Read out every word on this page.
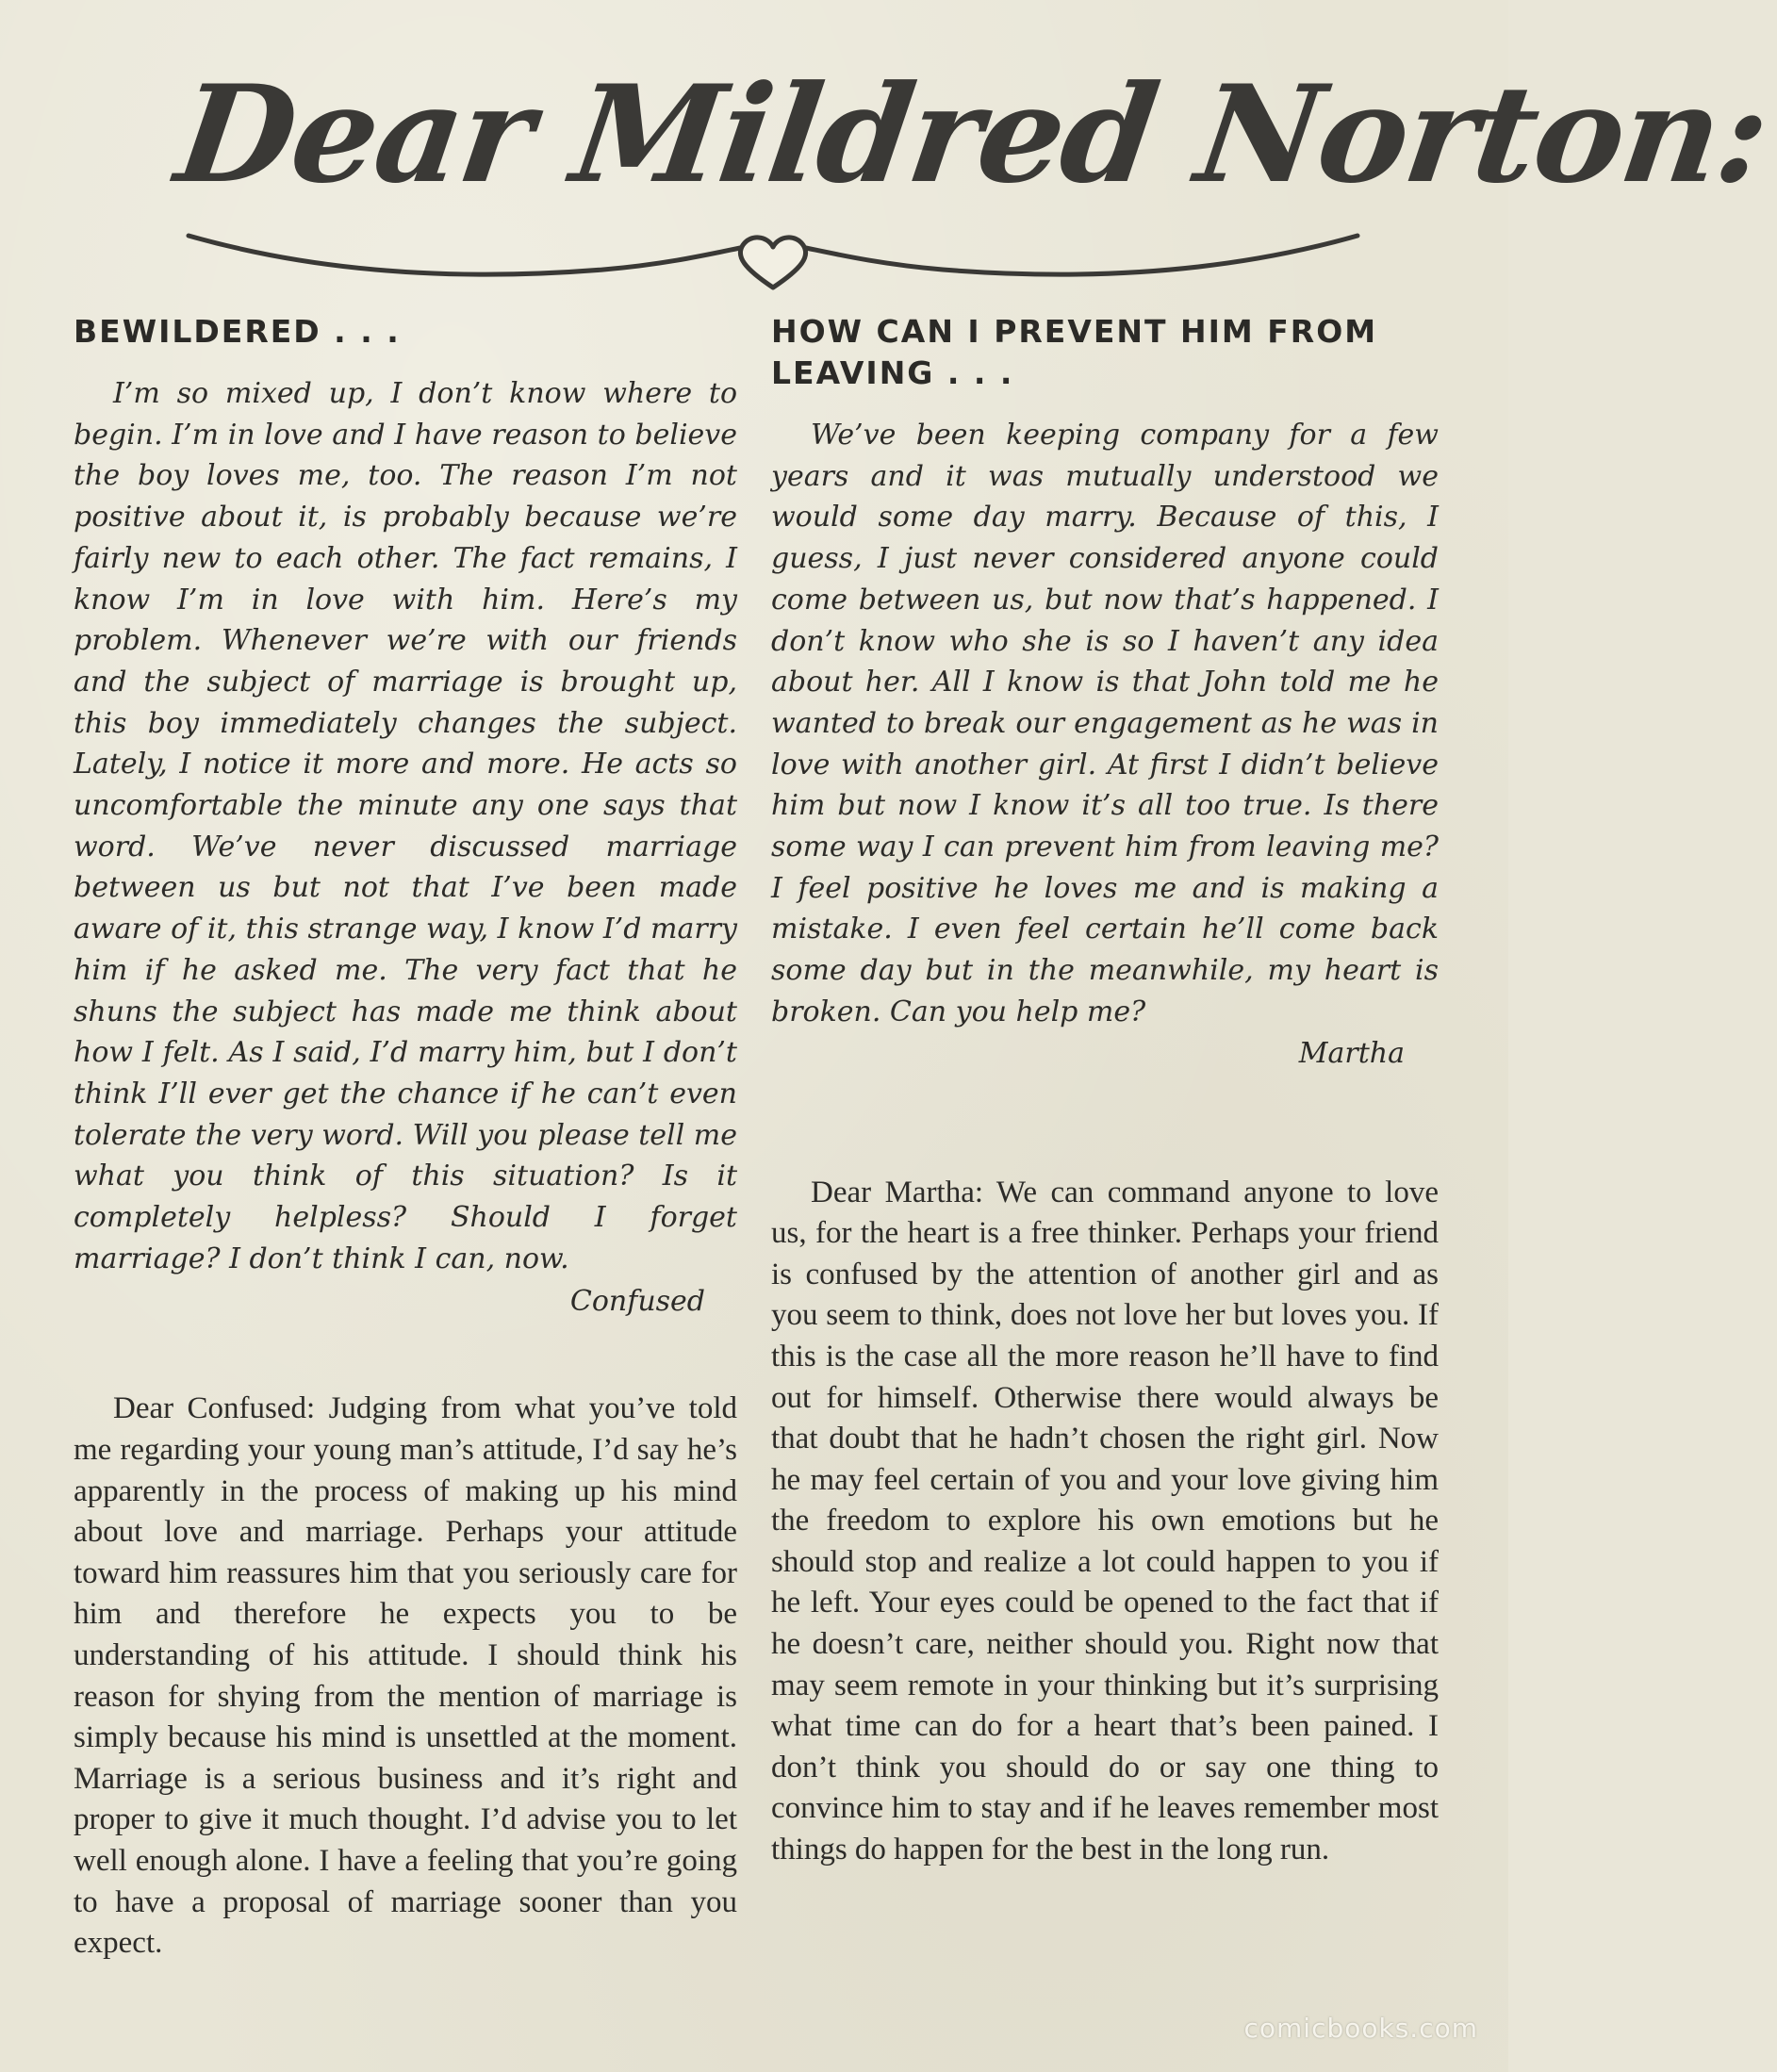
Dear Mildred Norton:
BEWILDERED . . .

I’m so mixed up, I don’t know where to begin. I’m in love and I have reason to believe the boy loves me, too. The reason I’m not positive about it, is probably because we’re fairly new to each other. The fact remains, I know I’m in love with him. Here’s my problem. Whenever we’re with our friends and the subject of marriage is brought up, this boy immediately changes the subject. Lately, I notice it more and more. He acts so uncomfortable the minute any one says that word. We’ve never discussed marriage between us but not that I’ve been made aware of it, this strange way, I know I’d marry him if he asked me. The very fact that he shuns the subject has made me think about how I felt. As I said, I’d marry him, but I don’t think I’ll ever get the chance if he can’t even tolerate the very word. Will you please tell me what you think of this situation? Is it completely helpless? Should I forget marriage? I don’t think I can, now.

Confused

Dear Confused: Judging from what you’ve told me regarding your young man’s attitude, I’d say he’s apparently in the process of making up his mind about love and marriage. Perhaps your attitude toward him reassures him that you seriously care for him and therefore he expects you to be understanding of his attitude. I should think his reason for shying from the mention of marriage is simply because his mind is unsettled at the moment. Marriage is a serious business and it’s right and proper to give it much thought. I’d advise you to let well enough alone. I have a feeling that you’re going to have a proposal of marriage sooner than you expect.

HOW CAN I PREVENT HIM FROM LEAVING . . .

We’ve been keeping company for a few years and it was mutually understood we would some day marry. Because of this, I guess, I just never considered anyone could come between us, but now that’s happened. I don’t know who she is so I haven’t any idea about her. All I know is that John told me he wanted to break our engagement as he was in love with another girl. At first I didn’t believe him but now I know it’s all too true. Is there some way I can prevent him from leaving me? I feel positive he loves me and is making a mistake. I even feel certain he’ll come back some day but in the meanwhile, my heart is broken. Can you help me?

Martha

Dear Martha: We can command anyone to love us, for the heart is a free thinker. Perhaps your friend is confused by the attention of another girl and as you seem to think, does not love her but loves you. If this is the case all the more reason he’ll have to find out for himself. Otherwise there would always be that doubt that he hadn’t chosen the right girl. Now he may feel certain of you and your love giving him the freedom to explore his own emotions but he should stop and realize a lot could happen to you if he left. Your eyes could be opened to the fact that if he doesn’t care, neither should you. Right now that may seem remote in your thinking but it’s surprising what time can do for a heart that’s been pained. I don’t think you should do or say one thing to convince him to stay and if he leaves remember most things do happen for the best in the long run.

comicbooks.com
